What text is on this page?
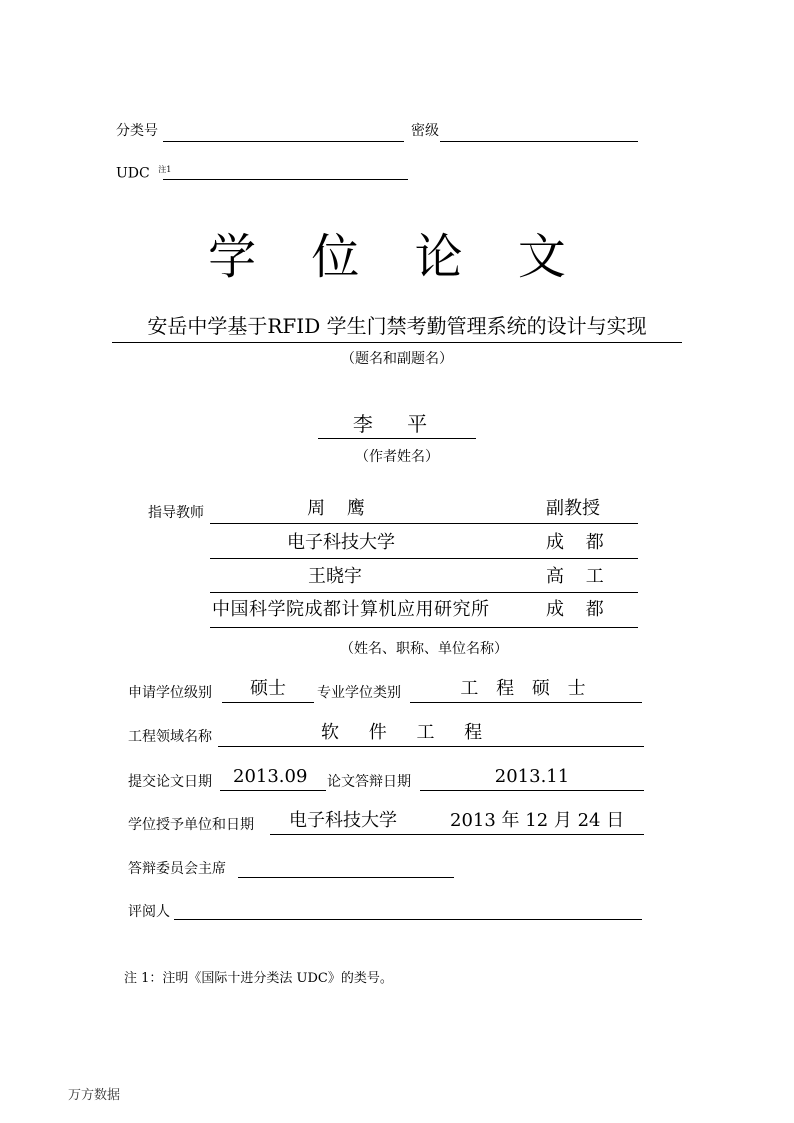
分类号	密级
UDC $^{注1}$
学 位 论 文
安岳中学基于RFID 学生门禁考勤管理系统的设计与实现
（题名和副题名）
李 平
（作者姓名）
指导教师	周 鹰	副教授
电子科技大学	成 都
王晓宇	高 工
中国科学院成都计算机应用研究所	成 都
（姓名、职称、单位名称）
申请学位级别	硕士	专业学位类别	工 程 硕 士
工程领域名称	软 件 工 程
提交论文日期 2013.09 论文答辩日期	2013.11
学位授予单位和日期 电子科技大学	2013 年 12 月 24 日
答辩委员会主席
评阅人
注 1：注明《国际十进分类法 UDC》的类号。
万方数据
